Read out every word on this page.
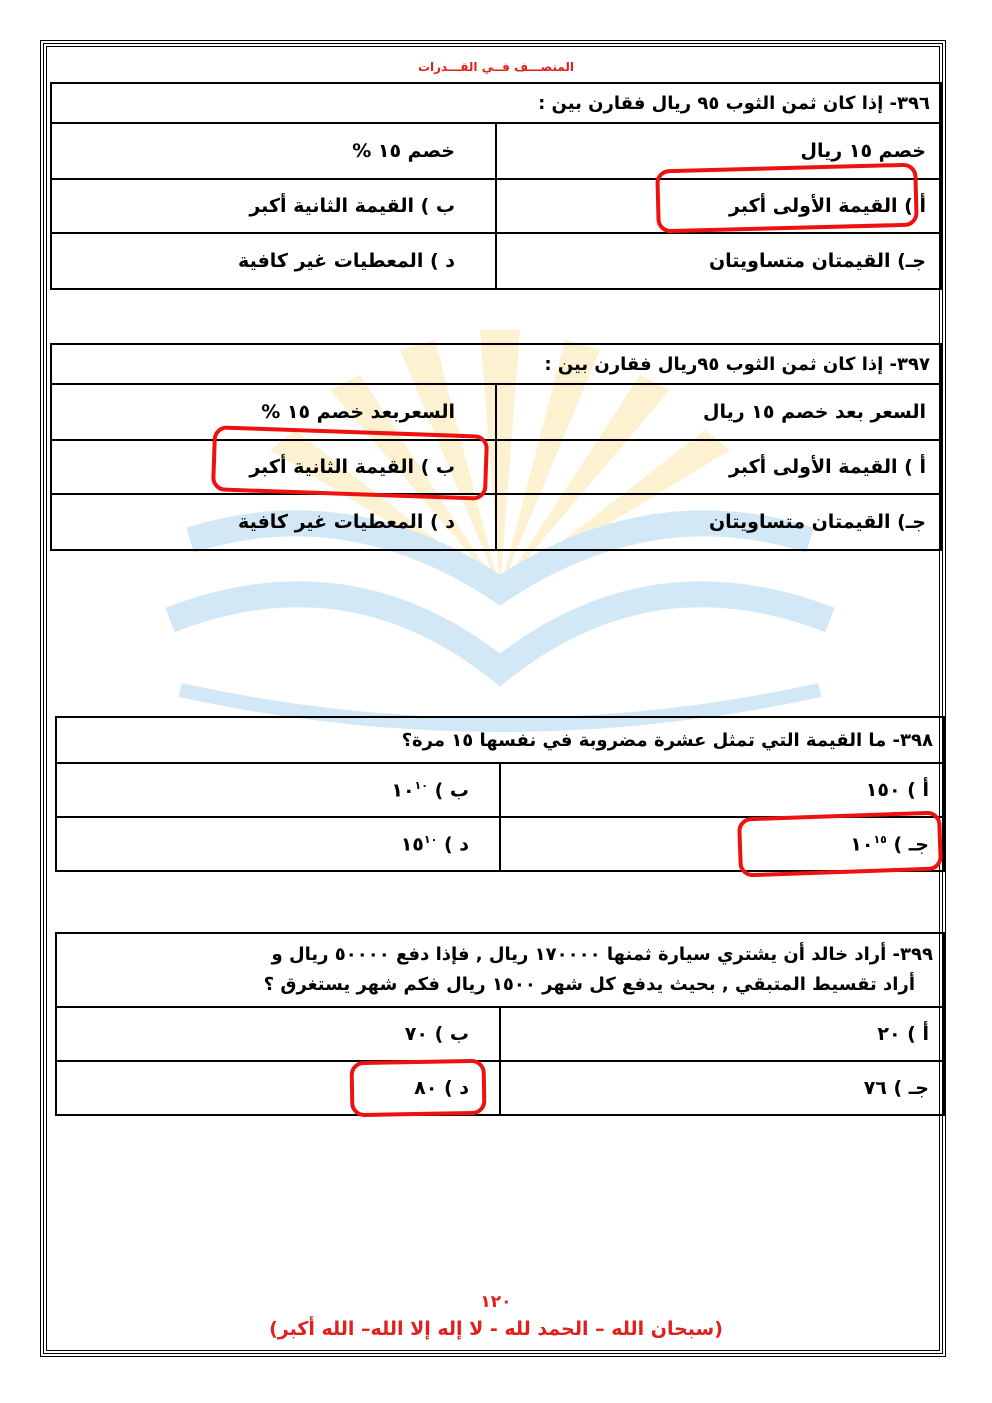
المنصـــف فــي القـــدرات
٣٩٦- إذا كان ثمن الثوب ٩٥ ريال فقارن بين :	
خصم ١٥ ريال	خصم ١٥ %
أ ) القيمة الأولى أكبر	ب ) القيمة الثانية أكبر
جـ) القيمتان متساويتان	د ) المعطيات غير كافية
٣٩٧- إذا كان ثمن الثوب ٩٥ريال فقارن بين :	
السعر بعد خصم ١٥ ريال	السعربعد خصم ١٥ %
أ ) القيمة الأولى أكبر	ب ) القيمة الثانية أكبر
جـ) القيمتان متساويتان	د ) المعطيات غير كافية
٣٩٨- ما القيمة التي تمثل عشرة مضروبة في نفسها ١٥ مرة؟	
أ ) ١٥٠	ب ) $١٠^{١٠}$
جـ ) $١٠^{١٥}$	د ) $١٥^{١٠}$
٣٩٩- أراد خالد أن يشتري سيارة ثمنها ١٧٠٠٠٠ ريال , فإذا دفع ٥٠٠٠٠ ريال و
أراد تقسيط المتبقي , بحيث يدفع كل شهر ١٥٠٠ ريال فكم شهر يستغرق ؟	

أ ) ٢٠	ب ) ٧٠
جـ ) ٧٦	د ) ٨٠
١٢٠
(سبحان الله – الحمد لله - لا إله إلا الله– الله أكبر)
